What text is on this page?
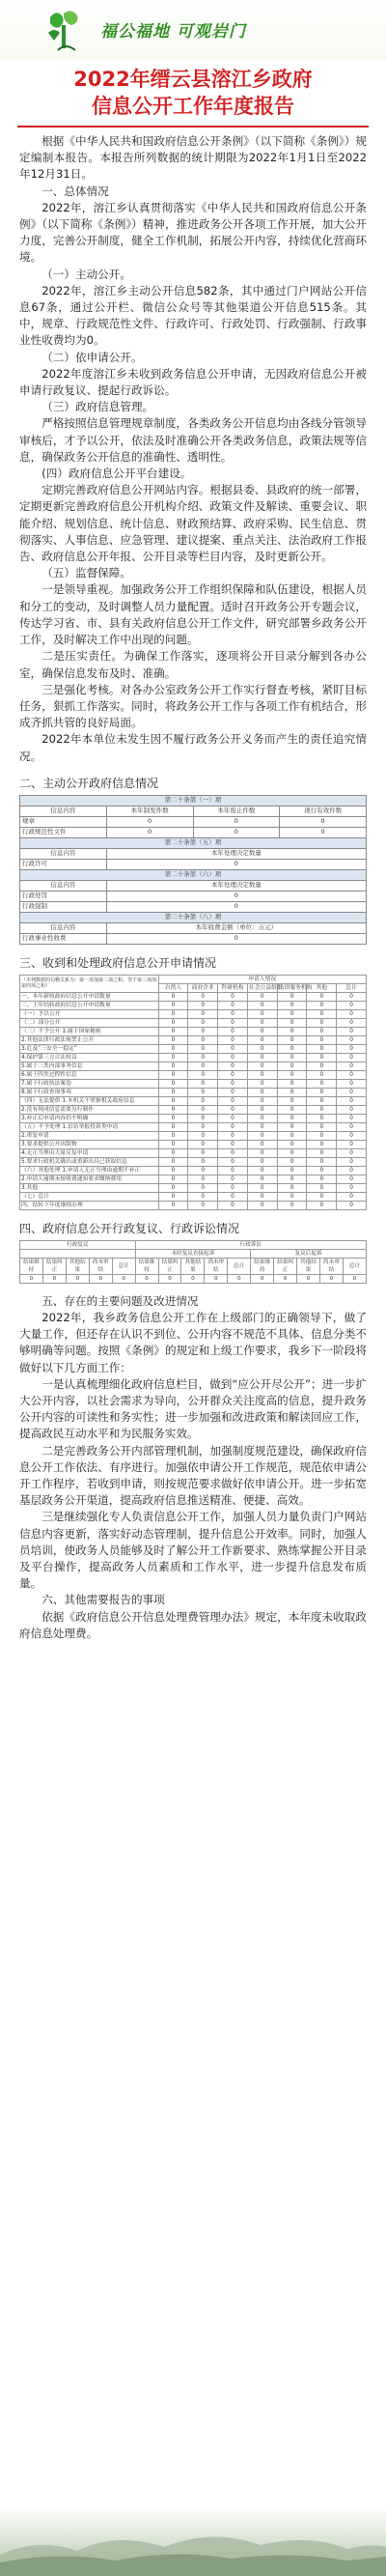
福公福地 可观岩门
2022年缙云县溶江乡政府
信息公开工作年度报告

根据《中华人民共和国政府信息公开条例》（以下简称《条例》）规定编制本报告。本报告所列数据的统计期限为2022年1月1日至2022年12月31日。

一、总体情况

2022年，溶江乡认真贯彻落实《中华人民共和国政府信息公开条例》（以下简称《条例》）精神，推进政务公开各项工作开展，加大公开力度，完善公开制度，健全工作机制，拓展公开内容，持续优化营商环境。

（一）主动公开。

2022年，溶江乡主动公开信息582条，其中通过门户网站公开信息67条，通过公开栏、微信公众号等其他渠道公开信息515条。其中，规章、行政规范性文件、行政许可、行政处罚、行政强制、行政事业性收费均为0。

（二）依申请公开。

2022年度溶江乡未收到政务信息公开申请，无因政府信息公开被申请行政复议、提起行政诉讼。

（三）政府信息管理。

严格按照信息管理规章制度，各类政务公开信息均由各线分管领导审核后，才予以公开，依法及时准确公开各类政务信息，政策法规等信息，确保政务公开信息的准确性、透明性。

(四）政府信息公开平台建设。

定期完善政府信息公开网站内容。根据县委、县政府的统一部署，定期更新完善政府信息公开机构介绍、政策文件及解读、重要会议、职能介绍、规划信息、统计信息、财政预结算、政府采购、民生信息、贯彻落实、人事信息、应急管理、建议提案、重点关注、法治政府工作报告、政府信息公开年报、公开目录等栏目内容，及时更新公开。

（五）监督保障。

一是领导重视。加强政务公开工作组织保障和队伍建设，根据人员和分工的变动，及时调整人员力量配置。适时召开政务公开专题会议，传达学习省、市、县有关政府信息公开工作文件，研究部署乡政务公开工作，及时解决工作中出现的问题。

二是压实责任。为确保工作落实，逐项将公开目录分解到各办公室，确保信息发布及时、准确。

三是强化考核。对各办公室政务公开工作实行督查考核，紧盯目标任务，狠抓工作落实。同时，将政务公开工作与各项工作有机结合，形成齐抓共管的良好局面。

2022年本单位未发生因不履行政务公开义务而产生的责任追究情况。

二、主动公开政府信息情况
第二十条第（一）项			
信息内容	本年制发件数	本年废止件数	现行有效件数
规章	0	0	0
行政规范性文件	0	0	0
第二十条第（五）项			
信息内容	本年处理决定数量		
行政许可	0		
第二十条第（六）项			
信息内容	本年处理决定数量		
行政处罚	0		
行政强制	0		
第二十条第（八）项			
信息内容	本年收费金额（单位：万元）		
行政事业性收费	0		
三、收到和处理政府信息公开申请情况
（本列数据的勾稽关系为：第一项加第二项之和，等于第三项加第四项之和）	申请人情况						
	自然人	商业企业	科研机构	社会公益组织	法律服务机构	其他	总计
一、本年新收政府信息公开申请数量	0	0	0	0	0	0	0
二、上年结转政府信息公开申请数量	0	0	0	0	0	0	0
（一）予以公开	0	0	0	0	0	0	0
（二）部分公开	0	0	0	0	0	0	0
（三）不予公开 1.属于国家秘密	0	0	0	0	0	0	0
2.其他法律行政法规禁止公开	0	0	0	0	0	0	0
3.危及“三安全一稳定”	0	0	0	0	0	0	0
4.保护第三方合法权益	0	0	0	0	0	0	0
5.属于三类内部事务信息	0	0	0	0	0	0	0
6.属于四类过程性信息	0	0	0	0	0	0	0
7.属于行政执法案卷	0	0	0	0	0	0	0
8.属于行政查询事项	0	0	0	0	0	0	0
（四）无法提供 1.本机关不掌握相关政府信息	0	0	0	0	0	0	0
2.没有现成信息需要另行制作	0	0	0	0	0	0	0
3.补正后申请内容仍不明确	0	0	0	0	0	0	0
（五）不予处理 1.信访举报投诉类申请	0	0	0	0	0	0	0
2.重复申请	0	0	0	0	0	0	0
3.要求提供公开出版物	0	0	0	0	0	0	0
4.无正当理由大量反复申请	0	0	0	0	0	0	0
5.要求行政机关确认或重新出具已获取信息	0	0	0	0	0	0	0
（六）其他处理 1.申请人无正当理由逾期不补正	0	0	0	0	0	0	0
2.申请人逾期未按收费通知要求缴纳费用	0	0	0	0	0	0	0
3.其他	0	0	0	0	0	0	0
（七）总计	0	0	0	0	0	0	0
四、结转下年度继续办理	0	0	0	0	0	0	0
四、政府信息公开行政复议、行政诉讼情况
行政复议					行政诉讼									
					未经复议直接起诉					复议后起诉				
结果维持	结果纠正	其他结果	尚未审结	总计	结果维持	结果纠正	其他结果	尚未审结	总计	结果维持	结果纠正	其他结果	尚未审结	总计
0	0	0	0	0	0	0	0	0	0	0	0	0	0	0

五、存在的主要问题及改进情况

2022年，我乡政务信息公开工作在上级部门的正确领导下，做了大量工作，但还存在认识不到位、公开内容不规范不具体、信息分类不够明确等问题。按照《条例》的规定和上级工作要求，我乡下一阶段将做好以下几方面工作：

一是认真梳理细化政府信息栏目，做到“应公开尽公开”；进一步扩大公开内容，以社会需求为导向，公开群众关注度高的信息，提升政务公开内容的可读性和务实性；进一步加强和改进政策和解读回应工作，提高政民互动水平和为民服务实效。

二是完善政务公开内部管理机制，加强制度规范建设，确保政府信息公开工作依法、有序进行。加强依申请公开工作规范，规范依申请公开工作程序，若收到申请，则按规范要求做好依申请公开。进一步拓宽基层政务公开渠道，提高政府信息推送精准、便捷、高效。

三是继续强化专人负责信息公开工作，加强人员力量负责门户网站信息内容更新，落实好动态管理制，提升信息公开效率。同时，加强人员培训，使政务人员能够及时了解公开工作新要求、熟练掌握公开目录及平台操作，提高政务人员素质和工作水平，进一步提升信息发布质量。

六、其他需要报告的事项

依据《政府信息公开信息处理费管理办法》规定，本年度未收取政府信息处理费。
